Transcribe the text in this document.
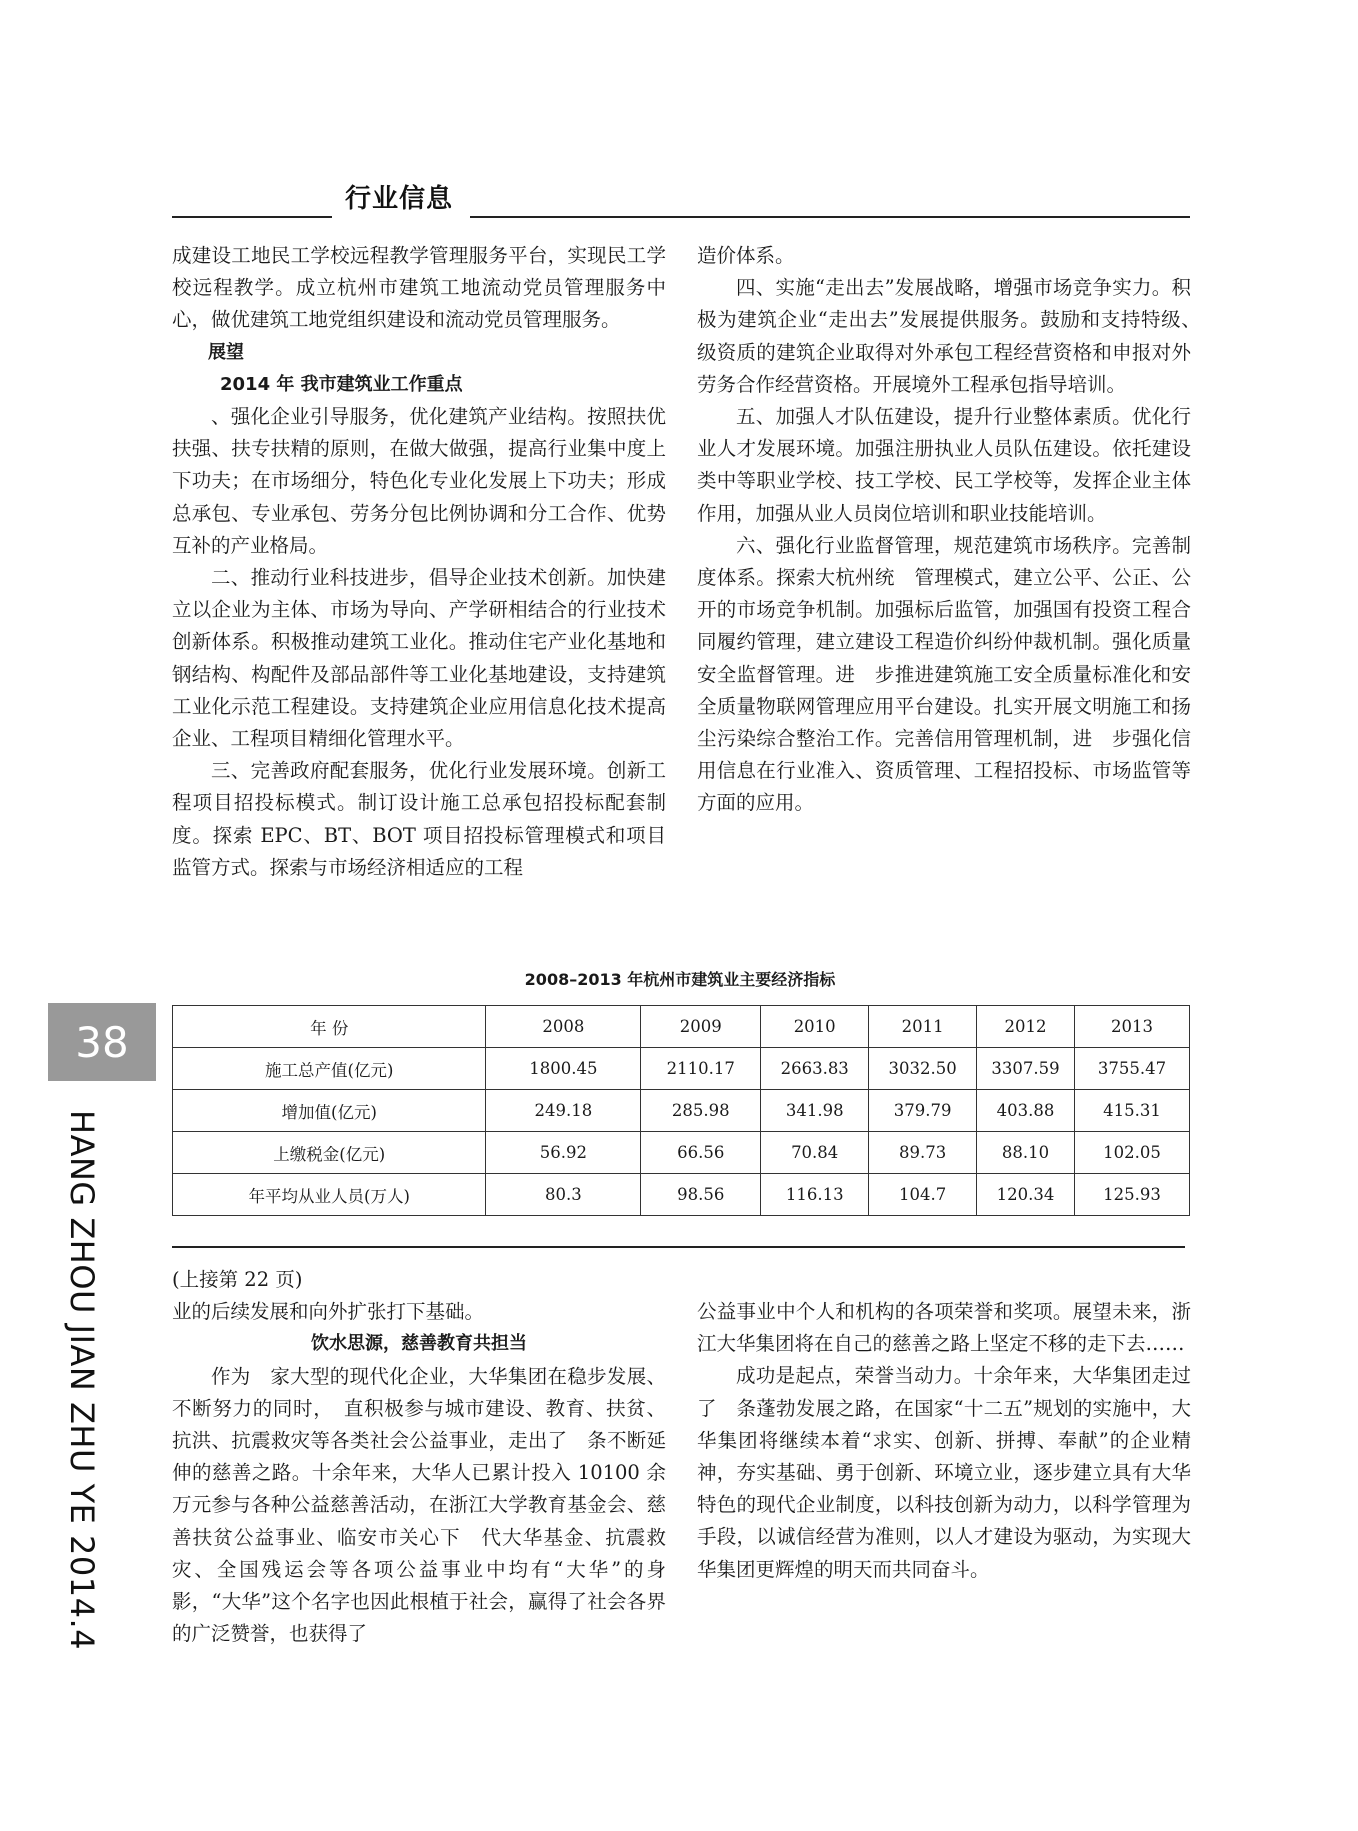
行业信息

成建设工地民工学校远程教学管理服务平台，实现民工学校远程教学。成立杭州市建筑工地流动党员管理服务中心，做优建筑工地党组织建设和流动党员管理服务。

展望
2014 年 我市建筑业工作重点

、强化企业引导服务，优化建筑产业结构。按照扶优扶强、扶专扶精的原则，在做大做强，提高行业集中度上下功夫；在市场细分，特色化专业化发展上下功夫；形成总承包、专业承包、劳务分包比例协调和分工合作、优势互补的产业格局。

二、推动行业科技进步，倡导企业技术创新。加快建立以企业为主体、市场为导向、产学研相结合的行业技术创新体系。积极推动建筑工业化。推动住宅产业化基地和钢结构、构配件及部品部件等工业化基地建设，支持建筑工业化示范工程建设。支持建筑企业应用信息化技术提高企业、工程项目精细化管理水平。

三、完善政府配套服务，优化行业发展环境。创新工程项目招投标模式。制订设计施工总承包招投标配套制度。探索 EPC、BT、BOT 项目招投标管理模式和项目监管方式。探索与市场经济相适应的工程

造价体系。

四、实施“走出去”发展战略，增强市场竞争实力。积极为建筑企业“走出去”发展提供服务。鼓励和支持特级、　级资质的建筑企业取得对外承包工程经营资格和申报对外劳务合作经营资格。开展境外工程承包指导培训。

五、加强人才队伍建设，提升行业整体素质。优化行业人才发展环境。加强注册执业人员队伍建设。依托建设类中等职业学校、技工学校、民工学校等，发挥企业主体作用，加强从业人员岗位培训和职业技能培训。

六、强化行业监督管理，规范建筑市场秩序。完善制度体系。探索大杭州统　管理模式，建立公平、公正、公开的市场竞争机制。加强标后监管，加强国有投资工程合同履约管理，建立建设工程造价纠纷仲裁机制。强化质量安全监督管理。进　步推进建筑施工安全质量标准化和安全质量物联网管理应用平台建设。扎实开展文明施工和扬尘污染综合整治工作。完善信用管理机制，进　步强化信用信息在行业准入、资质管理、工程招投标、市场监管等方面的应用。

38
HANG ZHOU JIAN ZHU YE 2014.4
2008–2013 年杭州市建筑业主要经济指标
年 份	2008	2009	2010	2011	2012	2013
施工总产值(亿元)	1800.45	2110.17	2663.83	3032.50	3307.59	3755.47
增加值(亿元)	249.18	285.98	341.98	379.79	403.88	415.31
上缴税金(亿元)	56.92	66.56	70.84	89.73	88.10	102.05
年平均从业人员(万人)	80.3	98.56	116.13	104.7	120.34	125.93
(上接第 22 页)

业的后续发展和向外扩张打下基础。

饮水思源，慈善教育共担当

作为　家大型的现代化企业，大华集团在稳步发展、不断努力的同时，　直积极参与城市建设、教育、扶贫、抗洪、抗震救灾等各类社会公益事业，走出了　条不断延伸的慈善之路。十余年来，大华人已累计投入 10100 余万元参与各种公益慈善活动，在浙江大学教育基金会、慈善扶贫公益事业、临安市关心下　代大华基金、抗震救灾、全国残运会等各项公益事业中均有“大华”的身影，“大华”这个名字也因此根植于社会，赢得了社会各界的广泛赞誉，也获得了

公益事业中个人和机构的各项荣誉和奖项。展望未来，浙江大华集团将在自己的慈善之路上坚定不移的走下去……

成功是起点，荣誉当动力。十余年来，大华集团走过了　条蓬勃发展之路，在国家“十二五”规划的实施中，大华集团将继续本着“求实、创新、拼搏、奉献”的企业精神，夯实基础、勇于创新、环境立业，逐步建立具有大华特色的现代企业制度，以科技创新为动力，以科学管理为手段，以诚信经营为准则，以人才建设为驱动，为实现大华集团更辉煌的明天而共同奋斗。
